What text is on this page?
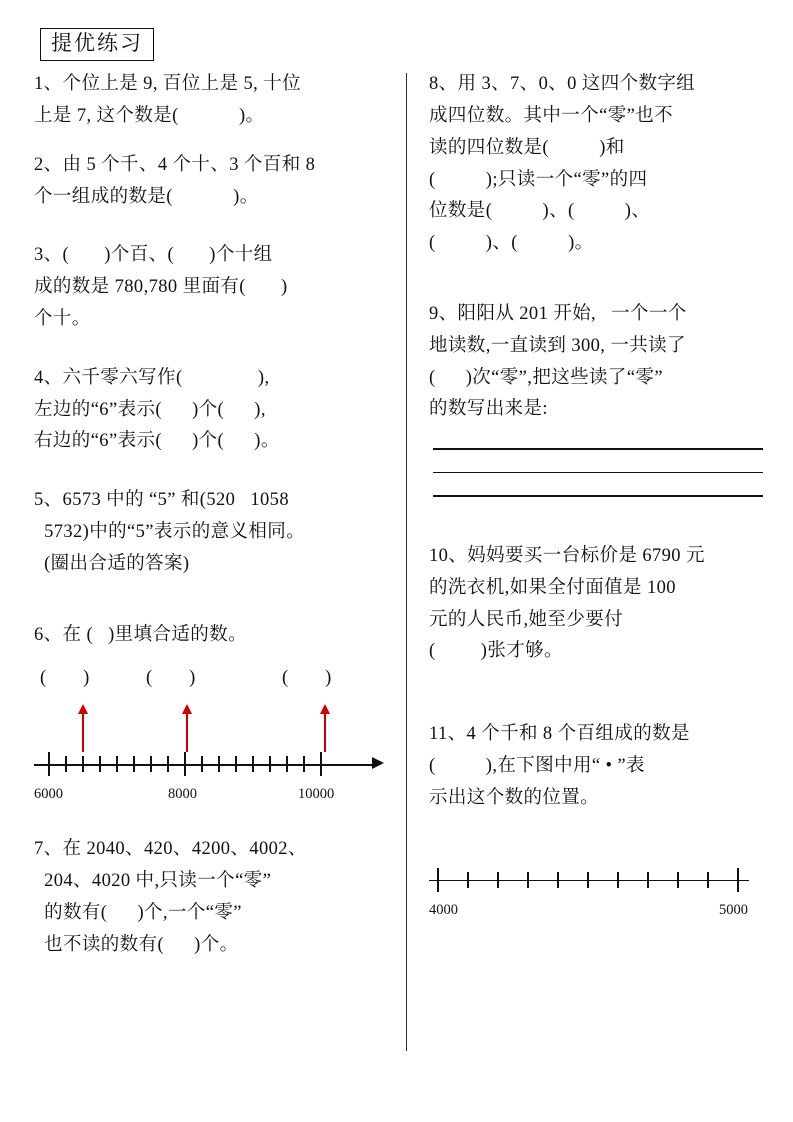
提优练习
1、个位上是 9, 百位上是 5, 十位
上是 7, 这个数是(            )。
2、由 5 个千、4 个十、3 个百和 8
个一组成的数是(            )。
3、(       )个百、(       )个十组
成的数是 780,780 里面有(       )
个十。
4、六千零六写作(               ),
左边的“6”表示(      )个(      ),
右边的“6”表示(      )个(      )。
5、6573 中的 “5” 和(520   1058
5732)中的“5”表示的意义相同。
(圈出合适的答案)
6、在 (   )里填合适的数。
(        )	(        )	(        )
6000	8000	10000
7、在 2040、420、4200、4002、
204、4020 中,只读一个“零”
的数有(      )个,一个“零”
也不读的数有(      )个。
8、用 3、7、0、0 这四个数字组
成四位数。其中一个“零”也不
读的四位数是(          )和
(          );只读一个“零”的四
位数是(          )、(          )、
(          )、(          )。
9、阳阳从 201 开始,   一个一个
地读数,一直读到 300, 一共读了
(      )次“零”,把这些读了“零”
的数写出来是:
10、妈妈要买一台标价是 6790 元
的洗衣机,如果全付面值是 100
元的人民币,她至少要付
(         )张才够。
11、4 个千和 8 个百组成的数是
(          ),在下图中用“ • ”表
示出这个数的位置。
4000	5000
